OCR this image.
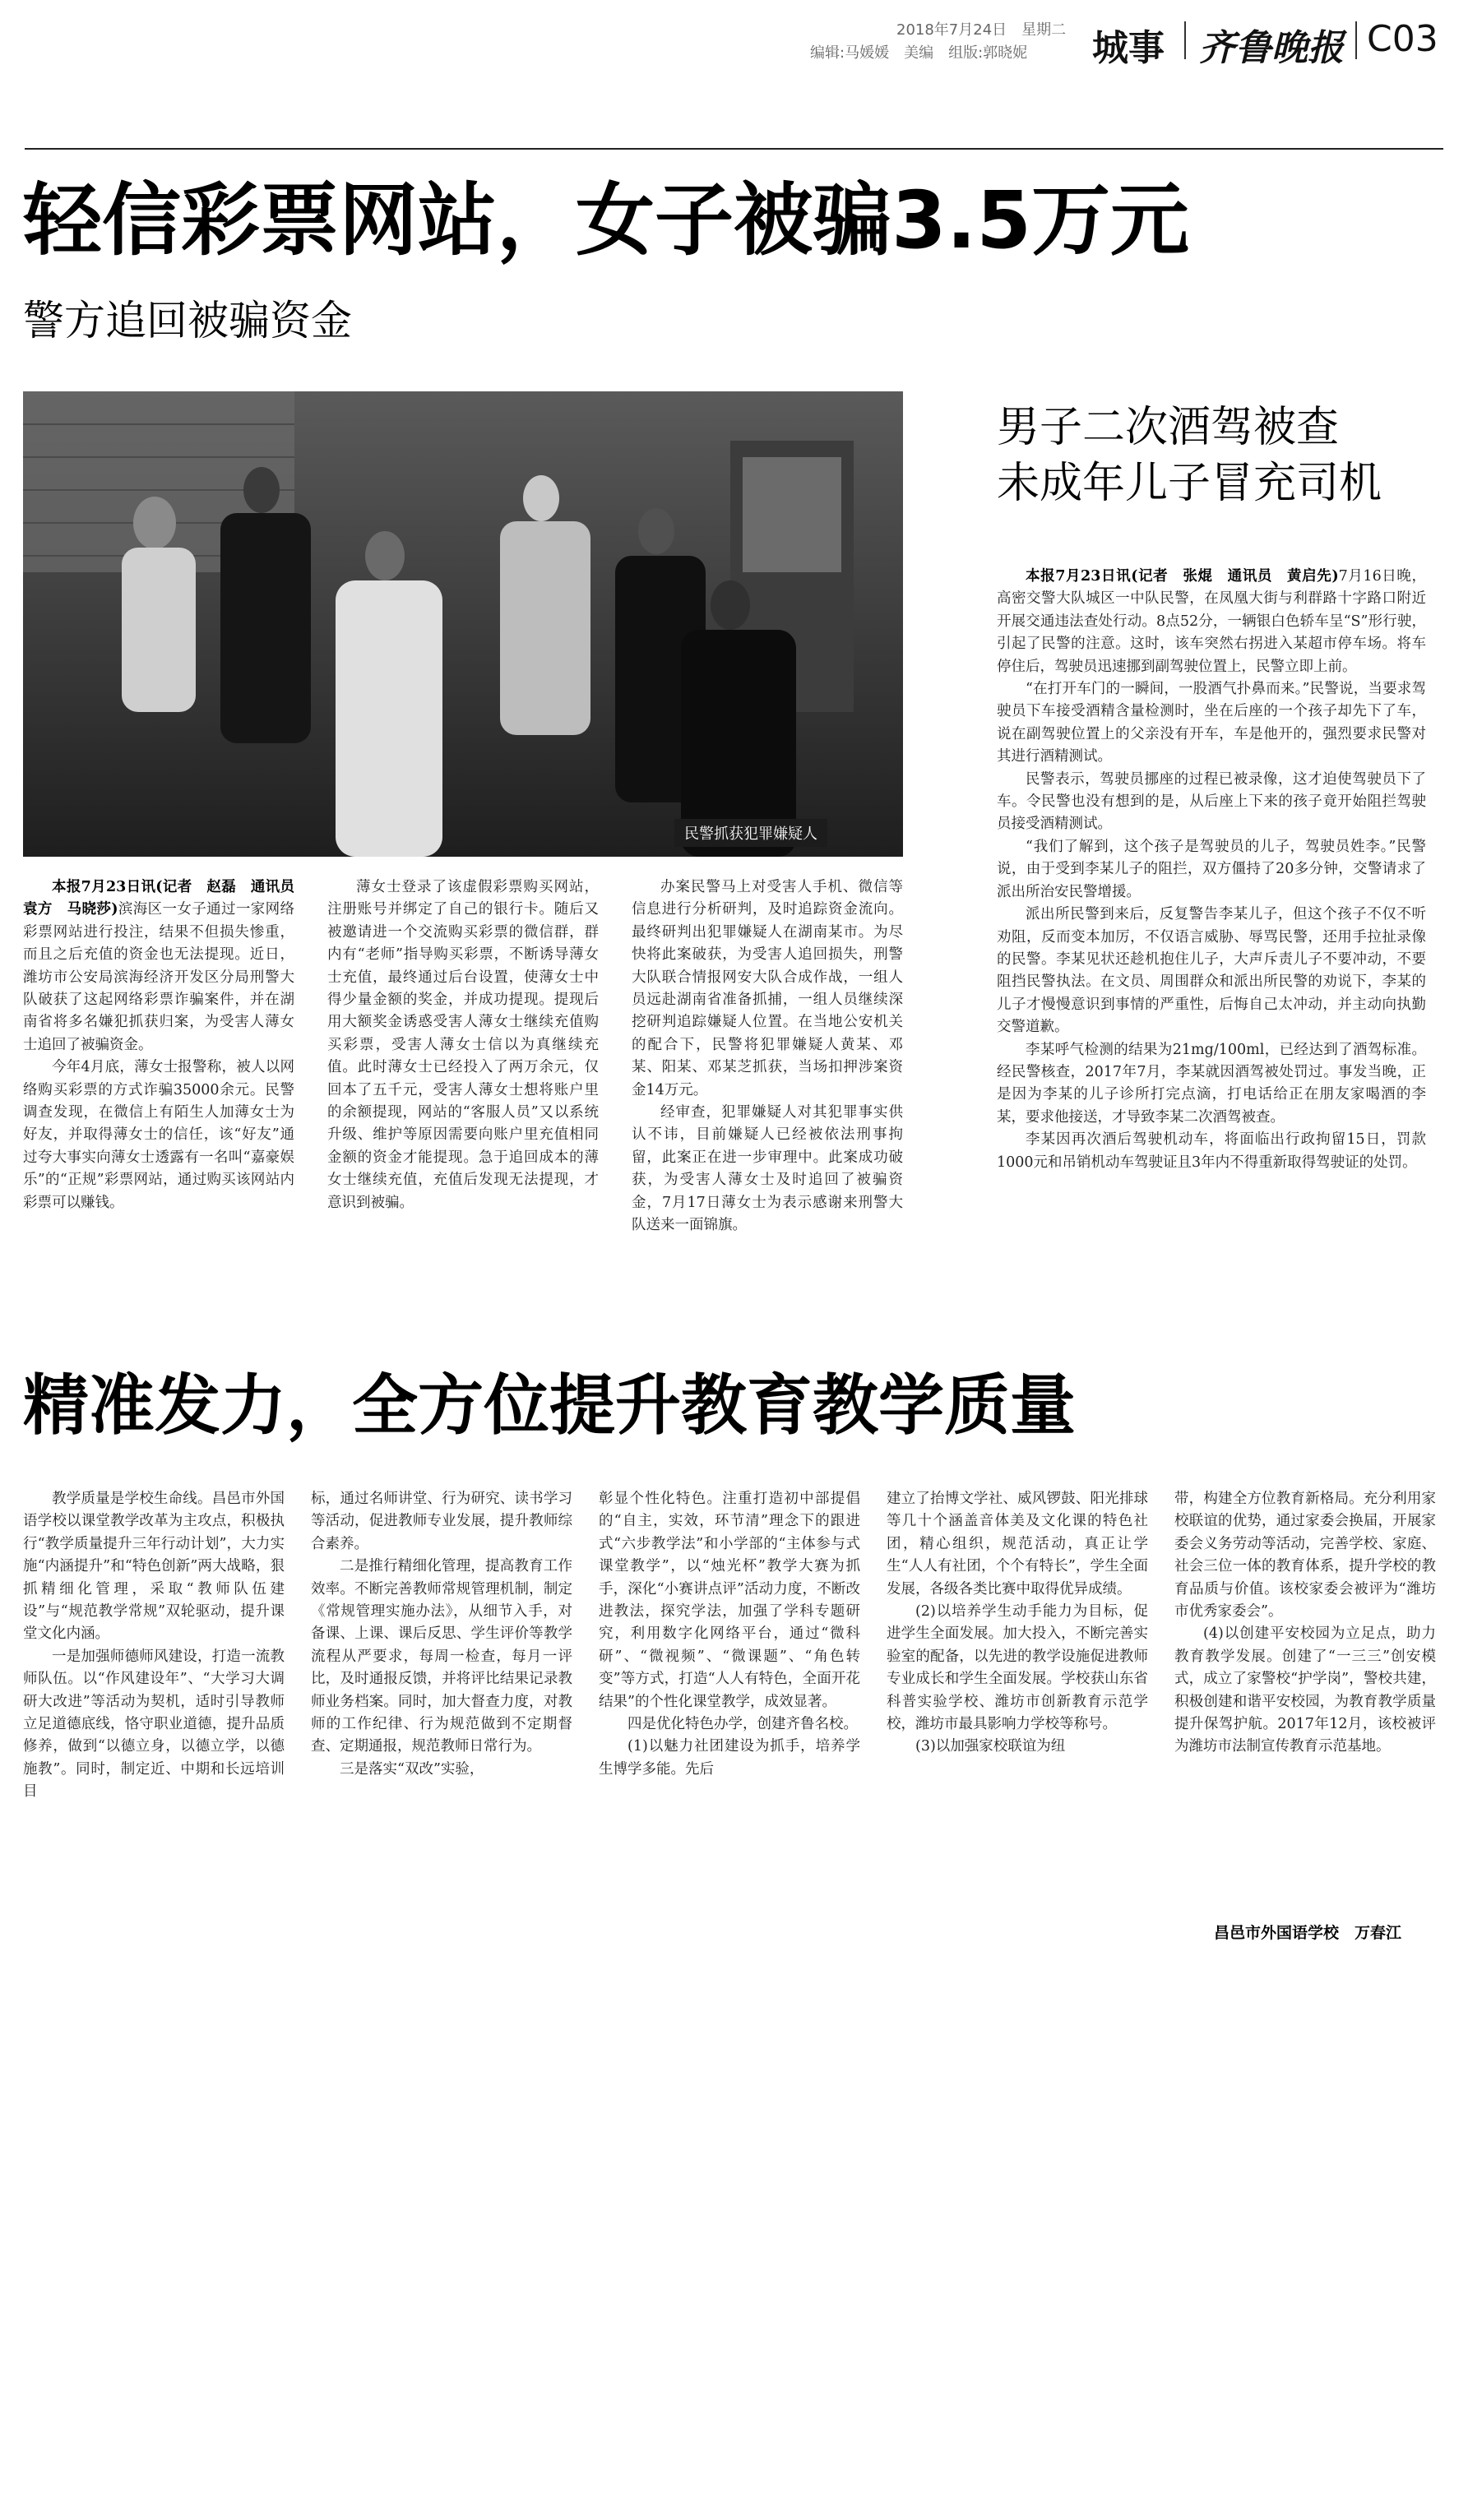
2018年7月24日　星期二
编辑:马媛媛　美编　组版:郭晓妮 城事 齐鲁晚报 C03
轻信彩票网站，女子被骗3.5万元
警方追回被骗资金
民警抓获犯罪嫌疑人

本报7月23日讯(记者　赵磊　通讯员　袁方　马晓莎)滨海区一女子通过一家网络彩票网站进行投注，结果不但损失惨重，而且之后充值的资金也无法提现。近日，潍坊市公安局滨海经济开发区分局刑警大队破获了这起网络彩票诈骗案件，并在湖南省将多名嫌犯抓获归案，为受害人薄女士追回了被骗资金。

今年4月底，薄女士报警称，被人以网络购买彩票的方式诈骗35000余元。民警调查发现，在微信上有陌生人加薄女士为好友，并取得薄女士的信任，该“好友”通过夸大事实向薄女士透露有一名叫“嘉豪娱乐”的“正规”彩票网站，通过购买该网站内彩票可以赚钱。

薄女士登录了该虚假彩票购买网站，注册账号并绑定了自己的银行卡。随后又被邀请进一个交流购买彩票的微信群，群内有“老师”指导购买彩票，不断诱导薄女士充值，最终通过后台设置，使薄女士中得少量金额的奖金，并成功提现。提现后用大额奖金诱惑受害人薄女士继续充值购买彩票，受害人薄女士信以为真继续充值。此时薄女士已经投入了两万余元，仅回本了五千元，受害人薄女士想将账户里的余额提现，网站的“客服人员”又以系统升级、维护等原因需要向账户里充值相同金额的资金才能提现。急于追回成本的薄女士继续充值，充值后发现无法提现，才意识到被骗。

办案民警马上对受害人手机、微信等信息进行分析研判，及时追踪资金流向。最终研判出犯罪嫌疑人在湖南某市。为尽快将此案破获，为受害人追回损失，刑警大队联合情报网安大队合成作战，一组人员远赴湖南省准备抓捕，一组人员继续深挖研判追踪嫌疑人位置。在当地公安机关的配合下，民警将犯罪嫌疑人黄某、邓某、阳某、邓某芝抓获，当场扣押涉案资金14万元。

经审查，犯罪嫌疑人对其犯罪事实供认不讳，目前嫌疑人已经被依法刑事拘留，此案正在进一步审理中。此案成功破获，为受害人薄女士及时追回了被骗资金，7月17日薄女士为表示感谢来刑警大队送来一面锦旗。

男子二次酒驾被查
未成年儿子冒充司机

本报7月23日讯(记者　张焜　通讯员　黄启先)7月16日晚，高密交警大队城区一中队民警，在凤凰大街与利群路十字路口附近开展交通违法查处行动。8点52分，一辆银白色轿车呈“S”形行驶，引起了民警的注意。这时，该车突然右拐进入某超市停车场。将车停住后，驾驶员迅速挪到副驾驶位置上，民警立即上前。

“在打开车门的一瞬间，一股酒气扑鼻而来。”民警说，当要求驾驶员下车接受酒精含量检测时，坐在后座的一个孩子却先下了车，说在副驾驶位置上的父亲没有开车，车是他开的，强烈要求民警对其进行酒精测试。

民警表示，驾驶员挪座的过程已被录像，这才迫使驾驶员下了车。令民警也没有想到的是，从后座上下来的孩子竟开始阻拦驾驶员接受酒精测试。

“我们了解到，这个孩子是驾驶员的儿子，驾驶员姓李。”民警说，由于受到李某儿子的阻拦，双方僵持了20多分钟，交警请求了派出所治安民警增援。

派出所民警到来后，反复警告李某儿子，但这个孩子不仅不听劝阻，反而变本加厉，不仅语言威胁、辱骂民警，还用手拉扯录像的民警。李某见状还趁机抱住儿子，大声斥责儿子不要冲动，不要阻挡民警执法。在文员、周围群众和派出所民警的劝说下，李某的儿子才慢慢意识到事情的严重性，后悔自己太冲动，并主动向执勤交警道歉。

李某呼气检测的结果为21mg/100ml，已经达到了酒驾标准。经民警核查，2017年7月，李某就因酒驾被处罚过。事发当晚，正是因为李某的儿子诊所打完点滴，打电话给正在朋友家喝酒的李某，要求他接送，才导致李某二次酒驾被查。

李某因再次酒后驾驶机动车，将面临出行政拘留15日，罚款1000元和吊销机动车驾驶证且3年内不得重新取得驾驶证的处罚。

精准发力，全方位提升教育教学质量

教学质量是学校生命线。昌邑市外国语学校以课堂教学改革为主攻点，积极执行“教学质量提升三年行动计划”，大力实施“内涵提升”和“特色创新”两大战略，狠抓精细化管理，采取“教师队伍建设”与“规范教学常规”双轮驱动，提升课堂文化内涵。

一是加强师德师风建设，打造一流教师队伍。以“作风建设年”、“大学习大调研大改进”等活动为契机，适时引导教师立足道德底线，恪守职业道德，提升品质修养，做到“以德立身，以德立学，以德施教”。同时，制定近、中期和长远培训目

标，通过名师讲堂、行为研究、读书学习等活动，促进教师专业发展，提升教师综合素养。

二是推行精细化管理，提高教育工作效率。不断完善教师常规管理机制，制定《常规管理实施办法》，从细节入手，对备课、上课、课后反思、学生评价等教学流程从严要求，每周一检查，每月一评比，及时通报反馈，并将评比结果记录教师业务档案。同时，加大督查力度，对教师的工作纪律、行为规范做到不定期督查、定期通报，规范教师日常行为。

三是落实“双改”实验，

彰显个性化特色。注重打造初中部提倡的“自主，实效，环节清”理念下的跟进式“六步教学法”和小学部的“主体参与式课堂教学”，以“烛光杯”教学大赛为抓手，深化“小赛讲点评”活动力度，不断改进教法，探究学法，加强了学科专题研究，利用数字化网络平台，通过“微科研”、“微视频”、“微课题”、“角色转变”等方式，打造“人人有特色，全面开花结果”的个性化课堂教学，成效显著。

四是优化特色办学，创建齐鲁名校。

(1)以魅力社团建设为抓手，培养学生博学多能。先后

建立了抬博文学社、威风锣鼓、阳光排球等几十个涵盖音体美及文化课的特色社团，精心组织，规范活动，真正让学生“人人有社团，个个有特长”，学生全面发展，各级各类比赛中取得优异成绩。

(2)以培养学生动手能力为目标，促进学生全面发展。加大投入，不断完善实验室的配备，以先进的教学设施促进教师专业成长和学生全面发展。学校获山东省科普实验学校、潍坊市创新教育示范学校，潍坊市最具影响力学校等称号。

(3)以加强家校联谊为纽

带，构建全方位教育新格局。充分利用家校联谊的优势，通过家委会换届，开展家委会义务劳动等活动，完善学校、家庭、社会三位一体的教育体系，提升学校的教育品质与价值。该校家委会被评为“潍坊市优秀家委会”。

(4)以创建平安校园为立足点，助力教育教学发展。创建了“一三三”创安模式，成立了家警校“护学岗”，警校共建，积极创建和谐平安校园，为教育教学质量提升保驾护航。2017年12月，该校被评为潍坊市法制宣传教育示范基地。

昌邑市外国语学校　万春江
